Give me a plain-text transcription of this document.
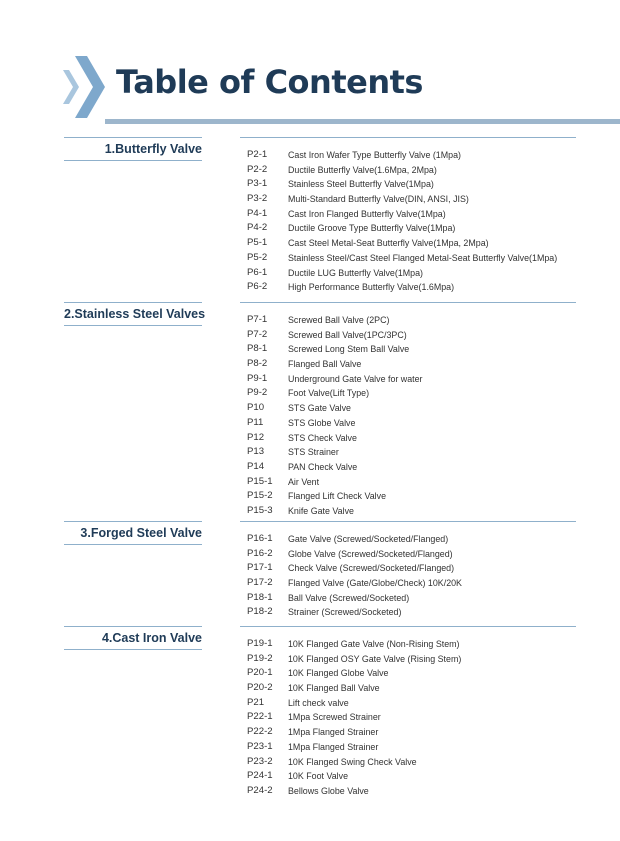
Table of Contents
1.Butterfly Valve	P2-1	Cast Iron Wafer Type Butterfly Valve (1Mpa)
P2-2	Ductile Butterfly Valve(1.6Mpa, 2Mpa)
P3-1	Stainless Steel Butterfly Valve(1Mpa)
P3-2	Multi-Standard Butterfly Valve(DIN, ANSI, JIS)
P4-1	Cast Iron Flanged Butterfly Valve(1Mpa)
P4-2	Ductile Groove Type Butterfly Valve(1Mpa)
P5-1	Cast Steel Metal-Seat Butterfly Valve(1Mpa, 2Mpa)
P5-2	Stainless Steel/Cast Steel Flanged Metal-Seat Butterfly Valve(1Mpa)
P6-1	Ductile LUG Butterfly Valve(1Mpa)
P6-2	High Performance Butterfly Valve(1.6Mpa)
2.Stainless Steel Valves	P7-1	Screwed Ball Valve (2PC)
P7-2	Screwed Ball Valve(1PC/3PC)
P8-1	Screwed Long Stem Ball Valve
P8-2	Flanged Ball Valve
P9-1	Underground Gate Valve for water
P9-2	Foot Valve(Lift Type)
P10	STS Gate Valve
P11	STS Globe Valve
P12	STS Check Valve
P13	STS Strainer
P14	PAN Check Valve
P15-1	Air Vent
P15-2	Flanged Lift Check Valve
P15-3	Knife Gate Valve
3.Forged Steel Valve	P16-1	Gate Valve (Screwed/Socketed/Flanged)
P16-2	Globe Valve (Screwed/Socketed/Flanged)
P17-1	Check Valve (Screwed/Socketed/Flanged)
P17-2	Flanged Valve (Gate/Globe/Check) 10K/20K
P18-1	Ball Valve (Screwed/Socketed)
P18-2	Strainer (Screwed/Socketed)
4.Cast Iron Valve	P19-1	10K Flanged Gate Valve (Non-Rising Stem)
P19-2	10K Flanged OSY Gate Valve (Rising Stem)
P20-1	10K Flanged Globe Valve
P20-2	10K Flanged Ball Valve
P21	Lift check valve
P22-1	1Mpa Screwed Strainer
P22-2	1Mpa Flanged Strainer
P23-1	1Mpa Flanged Strainer
P23-2	10K Flanged Swing Check Valve
P24-1	10K Foot Valve
P24-2	Bellows Globe Valve
